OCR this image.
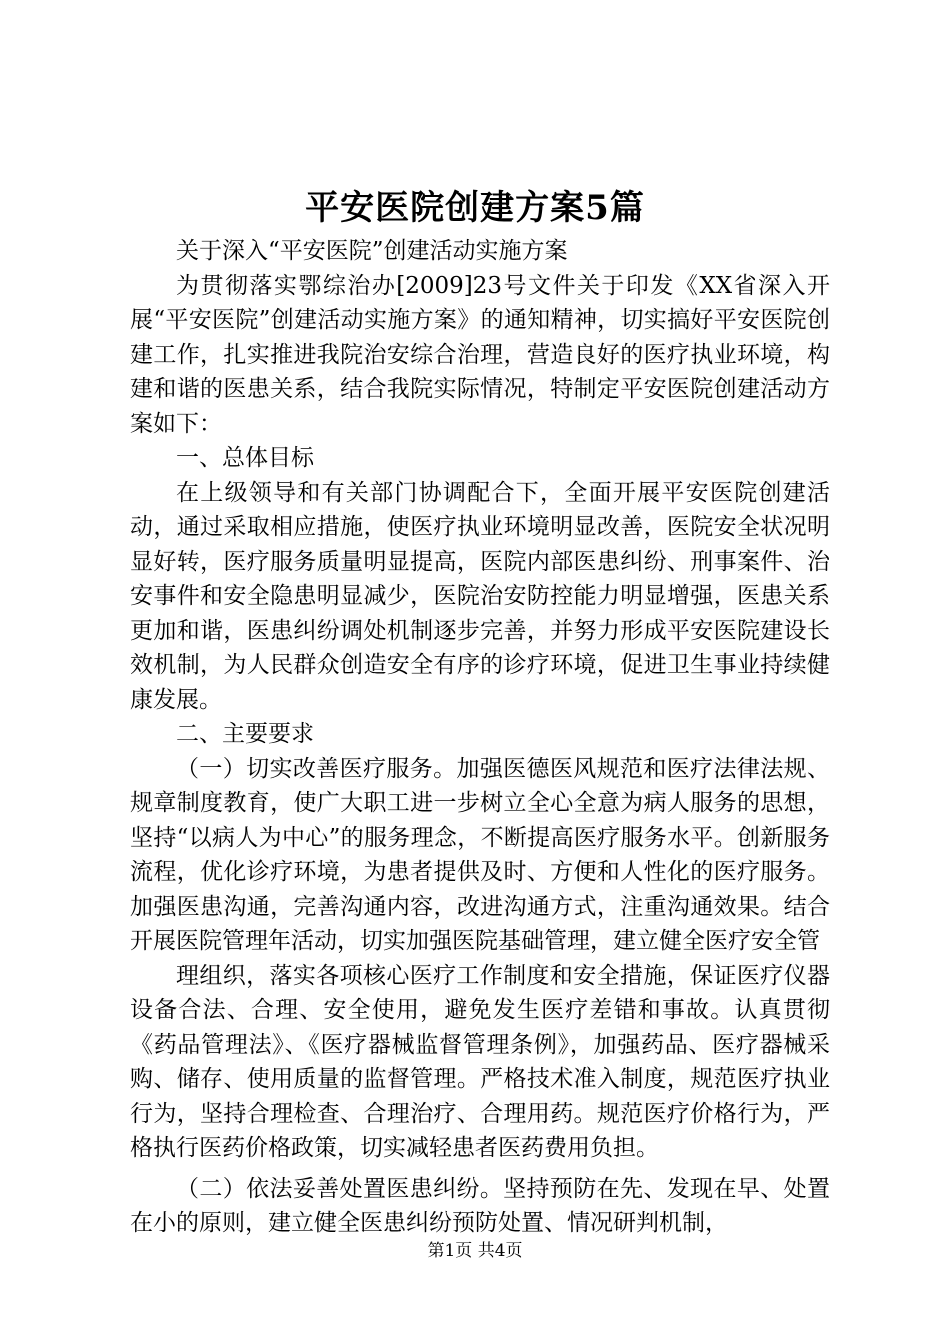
平安医院创建方案5篇

关于深入“平安医院”创建活动实施方案

为贯彻落实鄂综治办[2009]23号文件关于印发《XX省深入开展“平安医院”创建活动实施方案》的通知精神，切实搞好平安医院创建工作，扎实推进我院治安综合治理，营造良好的医疗执业环境，构建和谐的医患关系，结合我院实际情况，特制定平安医院创建活动方案如下：

一、总体目标

在上级领导和有关部门协调配合下，全面开展平安医院创建活动，通过采取相应措施，使医疗执业环境明显改善，医院安全状况明显好转，医疗服务质量明显提高，医院内部医患纠纷、刑事案件、治安事件和安全隐患明显减少，医院治安防控能力明显增强，医患关系更加和谐，医患纠纷调处机制逐步完善，并努力形成平安医院建设长效机制，为人民群众创造安全有序的诊疗环境，促进卫生事业持续健康发展。

二、主要要求

（一）切实改善医疗服务。加强医德医风规范和医疗法律法规、规章制度教育，使广大职工进一步树立全心全意为病人服务的思想，坚持“以病人为中心”的服务理念，不断提高医疗服务水平。创新服务流程，优化诊疗环境，为患者提供及时、方便和人性化的医疗服务。加强医患沟通，完善沟通内容，改进沟通方式，注重沟通效果。结合开展医院管理年活动，切实加强医院基础管理，建立健全医疗安全管

理组织，落实各项核心医疗工作制度和安全措施，保证医疗仪器设备合法、合理、安全使用，避免发生医疗差错和事故。认真贯彻《药品管理法》、《医疗器械监督管理条例》，加强药品、医疗器械采购、储存、使用质量的监督管理。严格技术准入制度，规范医疗执业行为，坚持合理检查、合理治疗、合理用药。规范医疗价格行为，严格执行医药价格政策，切实减轻患者医药费用负担。

（二）依法妥善处置医患纠纷。坚持预防在先、发现在早、处置在小的原则，建立健全医患纠纷预防处置、情况研判机制，

第1页 共4页
